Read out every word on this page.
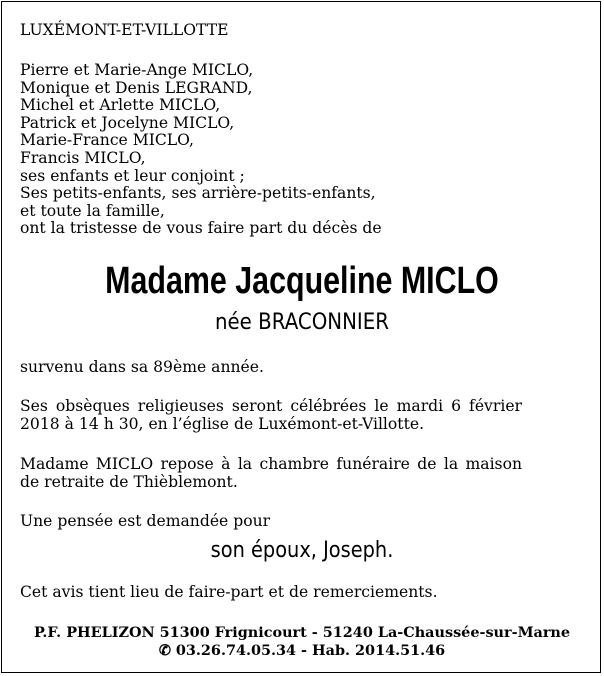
LUXÉMONT-ET-VILLOTTE
Pierre et Marie-Ange MICLO,
Monique et Denis LEGRAND,
Michel et Arlette MICLO,
Patrick et Jocelyne MICLO,
Marie-France MICLO,
Francis MICLO,
ses enfants et leur conjoint ;
Ses petits-enfants, ses arrière-petits-enfants,
et toute la famille,
ont la tristesse de vous faire part du décès de
Madame Jacqueline MICLO
née BRACONNIER
survenu dans sa 89ème année.
Ses obsèques religieuses seront célébrées le mardi 6 février
2018 à 14 h 30, en l’église de Luxémont-et-Villotte.
Madame MICLO repose à la chambre funéraire de la maison
de retraite de Thièblemont.
Une pensée est demandée pour
son époux, Joseph.
Cet avis tient lieu de faire-part et de remerciements.
P.F. PHELIZON 51300 Frignicourt - 51240 La-Chaussée-sur-Marne
✆ 03.26.74.05.34 - Hab. 2014.51.46
